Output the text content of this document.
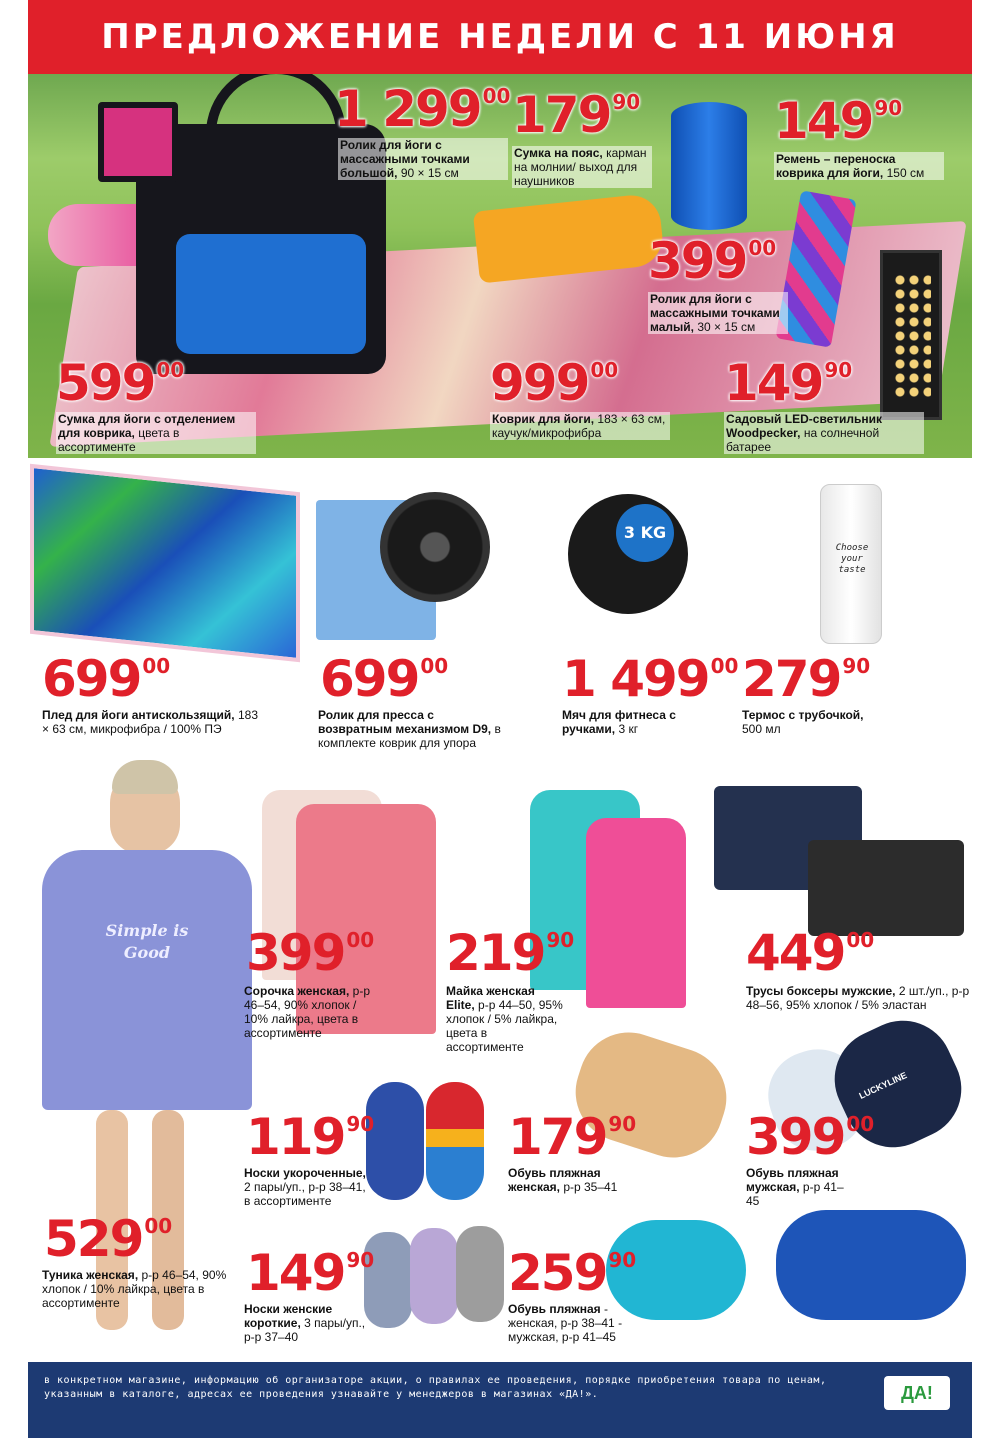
ПРЕДЛОЖЕНИЕ НЕДЕЛИ С 11 ИЮНЯ
1 299 00
Ролик для йоги с массажными точками большой, 90 × 15 см
179 90
Сумка на пояс, карман на молнии/ выход для наушников
149 90
Ремень – переноска коврика для йоги, 150 см
399 00
Ролик для йоги с массажными точками малый, 30 × 15 см
599 00
Сумка для йоги с отделением для коврика, цвета в ассортименте
999 00
Коврик для йоги, 183 × 63 см, каучук/микрофибра
149 90
Садовый LED-светильник Woodpecker, на солнечной батарее
3 KG
Choose your taste
699 00
Плед для йоги антискользящий, 183 × 63 см, микрофибра / 100% ПЭ
699 00
Ролик для пресса с возвратным механизмом D9, в комплекте коврик для упора
1 499 00
Мяч для фитнеса с ручками, 3 кг
279 90
Термос с трубочкой, 500 мл
Simple is Good	399 00
Сорочка женская, р-р 46–54, 90% хлопок / 10% лайкра, цвета в ассортименте
219 90
Майка женская Elite, р-р 44–50, 95% хлопок / 5% лайкра, цвета в ассортименте
449 00
Трусы боксеры мужские, 2 шт./уп., р-р 48–56, 95% хлопок / 5% эластан
LUCKYLINE
119 90
Носки укороченные, 2 пары/уп., р-р 38–41, в ассортименте
179 90
Обувь пляжная женская, р-р 35–41
399 00
Обувь пляжная мужская, р-р 41–45
529 00
Туника женская, р-р 46–54, 90% хлопок / 10% лайкра, цвета в ассортименте
149 90
Носки женские короткие, 3 пары/уп., р-р 37–40
259 90
Обувь пляжная - женская, р-р 38–41 - мужская, р-р 41–45
в конкретном магазине, информацию об организаторе акции, о правилах ее проведения, порядке приобретения товара по ценам, указанным в каталоге, адресах ее проведения узнавайте у менеджеров в магазинах «ДА!».	ДА!
